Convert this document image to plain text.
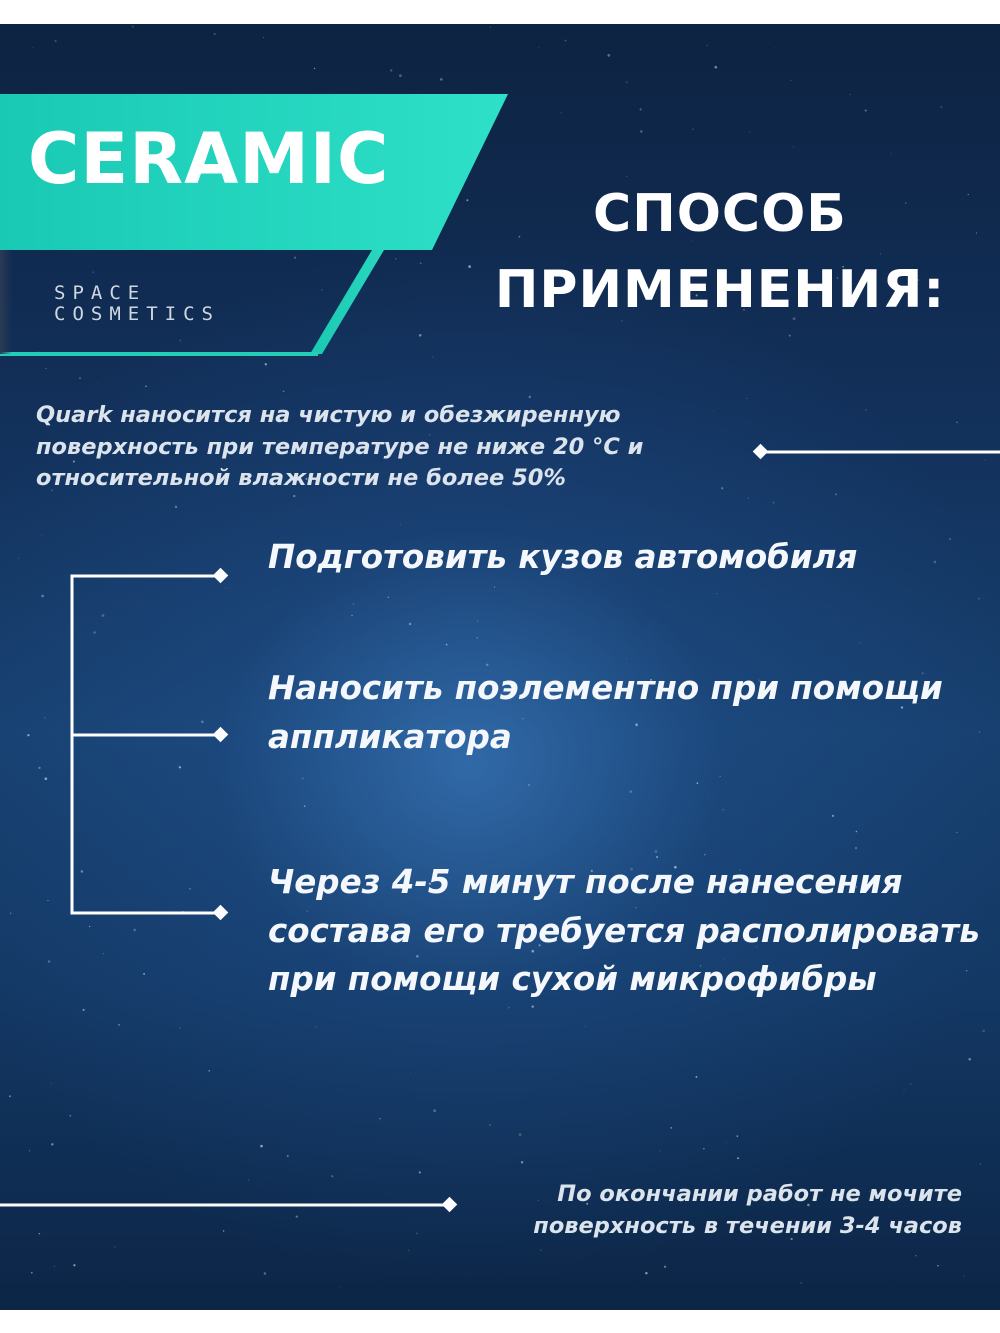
CERAMIC
SPACE
COSMETICS
СПОСОБ
ПРИМЕНЕНИЯ:
Quark наносится на чистую и обезжиренную поверхность при температуре не ниже 20 °C и относительной влажности не более 50%
Подготовить кузов автомобиля
Наносить поэлементно при помощи аппликатора
Через 4-5 минут после нанесения состава его требуется располировать при помощи сухой микрофибры
По окончании работ не мочите поверхность в течении 3-4 часов
